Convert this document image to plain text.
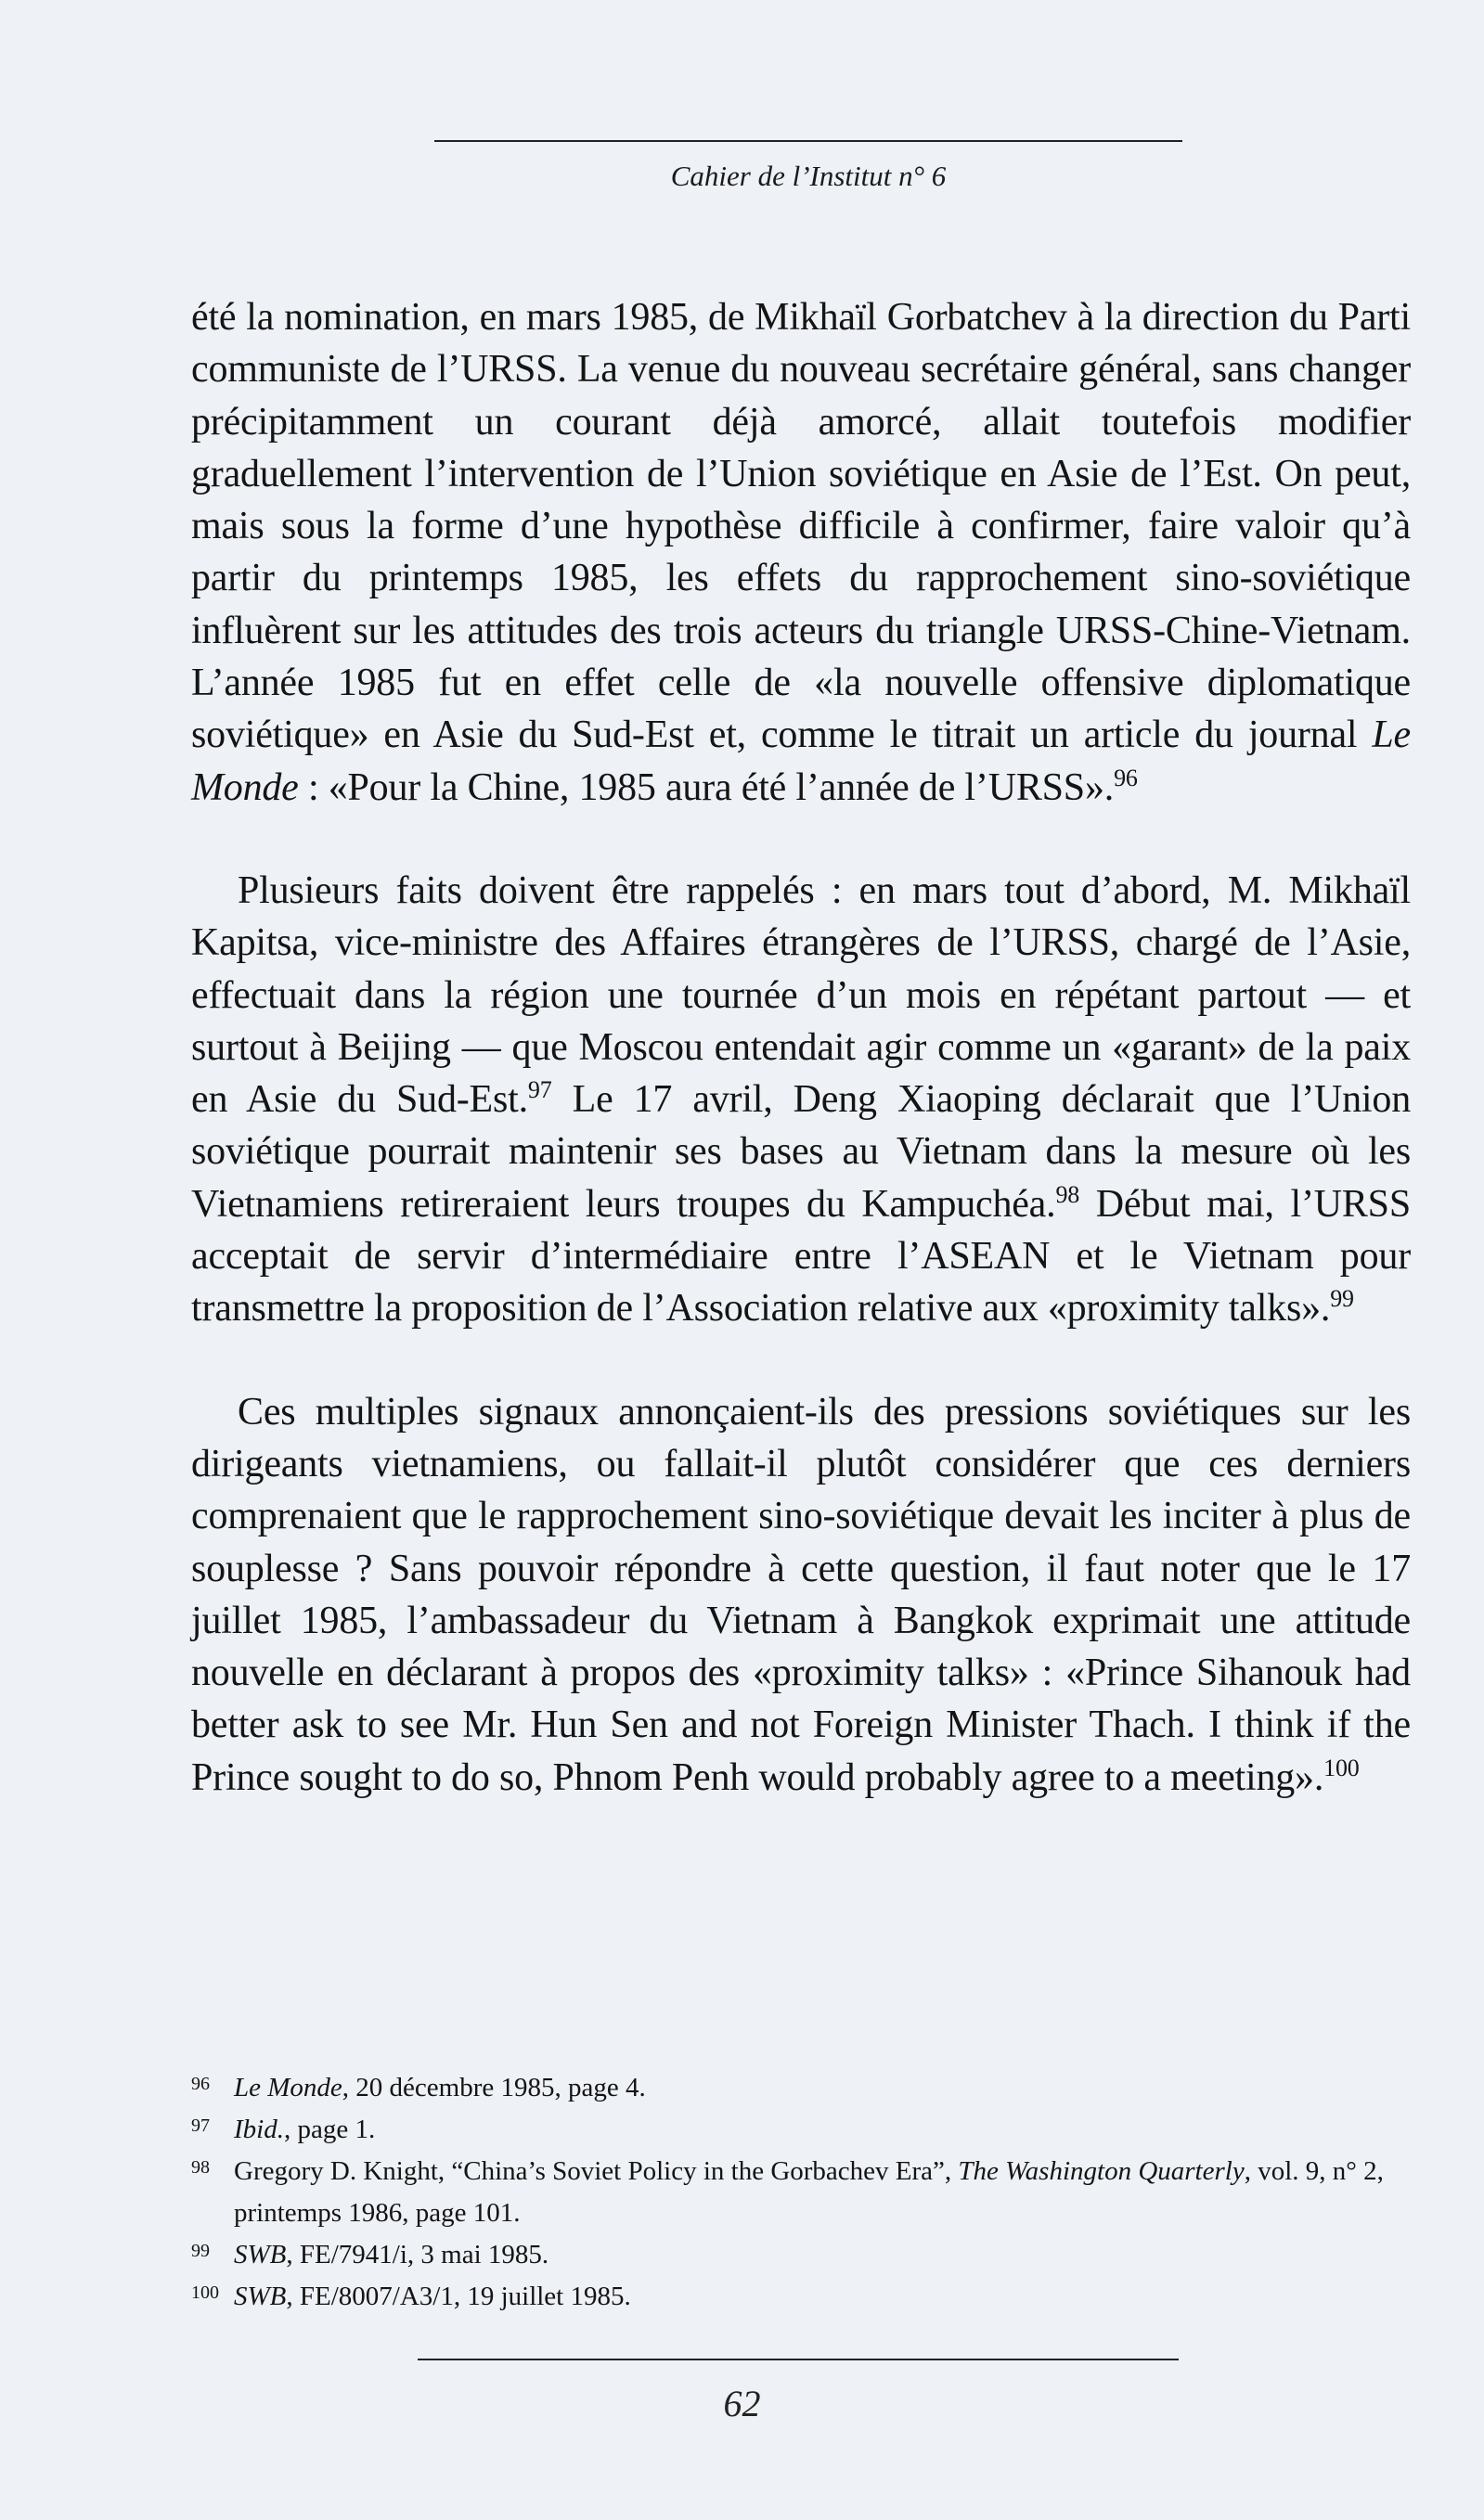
Cahier de l’Institut n° 6

été la nomination, en mars 1985, de Mikhaïl Gorbatchev à la direction du Parti communiste de l’URSS. La venue du nouveau secrétaire général, sans changer précipitamment un courant déjà amorcé, allait toutefois modifier graduellement l’intervention de l’Union soviétique en Asie de l’Est. On peut, mais sous la forme d’une hypothèse difficile à confirmer, faire valoir qu’à partir du printemps 1985, les effets du rapprochement sino-soviétique influèrent sur les attitudes des trois acteurs du triangle URSS-Chine-Vietnam. L’année 1985 fut en effet celle de «la nouvelle offensive diplomatique soviétique» en Asie du Sud-Est et, comme le titrait un article du journal Le Monde : «Pour la Chine, 1985 aura été l’année de l’URSS».$^{96}$

Plusieurs faits doivent être rappelés : en mars tout d’abord, M. Mikhaïl Kapitsa, vice-ministre des Affaires étrangères de l’URSS, chargé de l’Asie, effectuait dans la région une tournée d’un mois en répétant partout — et surtout à Beijing — que Moscou entendait agir comme un «garant» de la paix en Asie du Sud-Est.$^{97}$ Le 17 avril, Deng Xiaoping déclarait que l’Union soviétique pourrait maintenir ses bases au Vietnam dans la mesure où les Vietnamiens retireraient leurs troupes du Kampuchéa.$^{98}$ Début mai, l’URSS acceptait de servir d’intermédiaire entre l’ASEAN et le Vietnam pour transmettre la proposition de l’Association relative aux «proximity talks».$^{99}$

Ces multiples signaux annonçaient-ils des pressions soviétiques sur les dirigeants vietnamiens, ou fallait-il plutôt considérer que ces derniers comprenaient que le rapprochement sino-soviétique devait les inciter à plus de souplesse ? Sans pouvoir répondre à cette question, il faut noter que le 17 juillet 1985, l’ambassadeur du Vietnam à Bangkok exprimait une attitude nouvelle en déclarant à propos des «proximity talks» : «Prince Sihanouk had better ask to see Mr. Hun Sen and not Foreign Minister Thach. I think if the Prince sought to do so, Phnom Penh would probably agree to a meeting».$^{100}$

96 Le Monde, 20 décembre 1985, page 4.
97 Ibid., page 1.
98 Gregory D. Knight, “China’s Soviet Policy in the Gorbachev Era”, The Washington Quarterly, vol. 9, n° 2, printemps 1986, page 101.
99 SWB, FE/7941/i, 3 mai 1985.
100 SWB, FE/8007/A3/1, 19 juillet 1985.
62
